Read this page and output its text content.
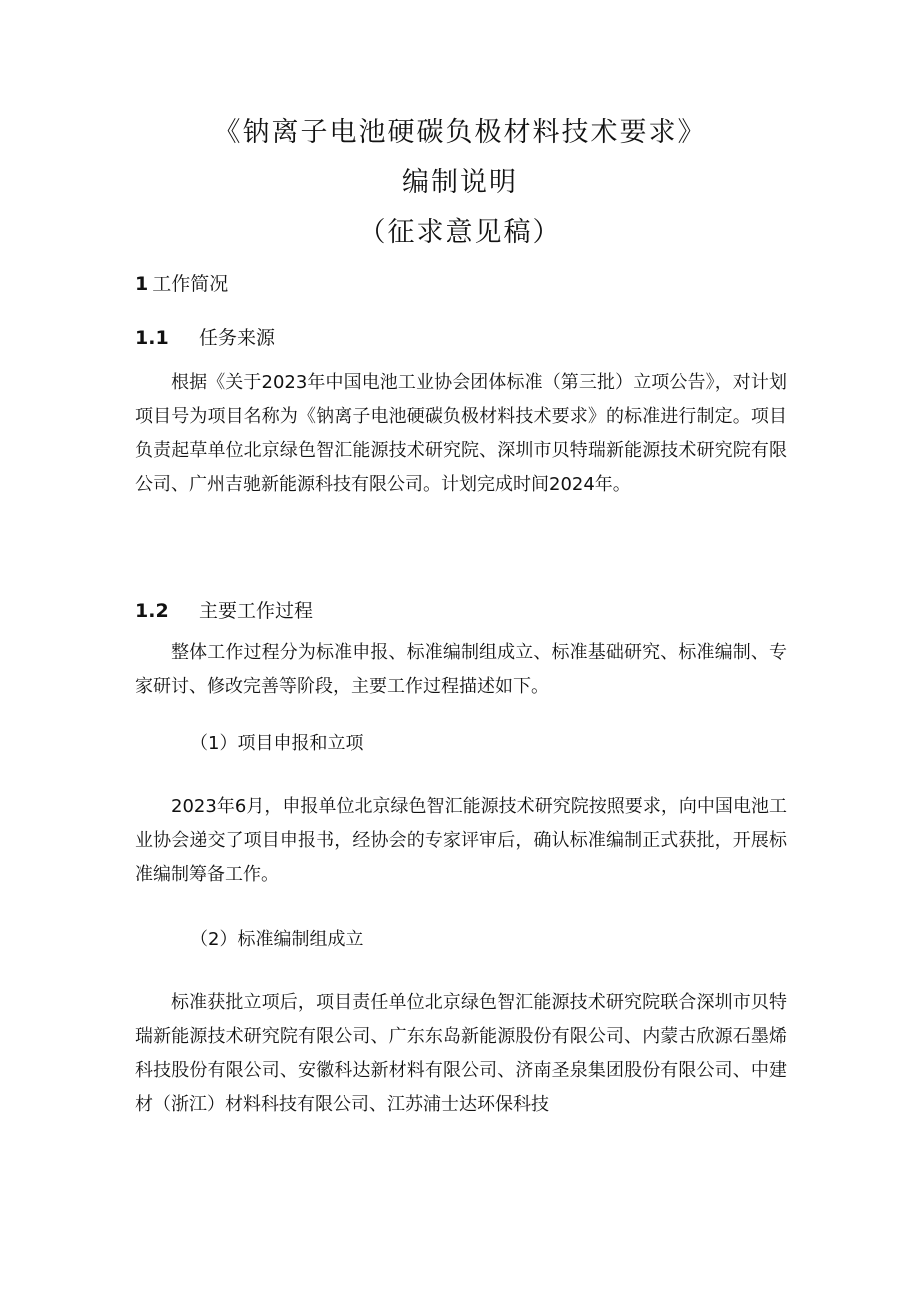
《钠离子电池硬碳负极材料技术要求》
编制说明
（征求意见稿）
1 工作简况
1.1 任务来源

根据《关于2023年中国电池工业协会团体标准（第三批）立项公告》，对计划项目号为项目名称为《钠离子电池硬碳负极材料技术要求》的标准进行制定。项目负责起草单位北京绿色智汇能源技术研究院、深圳市贝特瑞新能源技术研究院有限公司、广州吉驰新能源科技有限公司。计划完成时间2024年。

1.2 主要工作过程

整体工作过程分为标准申报、标准编制组成立、标准基础研究、标准编制、专家研讨、修改完善等阶段，主要工作过程描述如下。

（1）项目申报和立项

2023年6月，申报单位北京绿色智汇能源技术研究院按照要求，向中国电池工业协会递交了项目申报书，经协会的专家评审后，确认标准编制正式获批，开展标准编制筹备工作。

（2）标准编制组成立

标准获批立项后，项目责任单位北京绿色智汇能源技术研究院联合深圳市贝特瑞新能源技术研究院有限公司、广东东岛新能源股份有限公司、内蒙古欣源石墨烯科技股份有限公司、安徽科达新材料有限公司、济南圣泉集团股份有限公司、中建材（浙江）材料科技有限公司、江苏浦士达环保科技
